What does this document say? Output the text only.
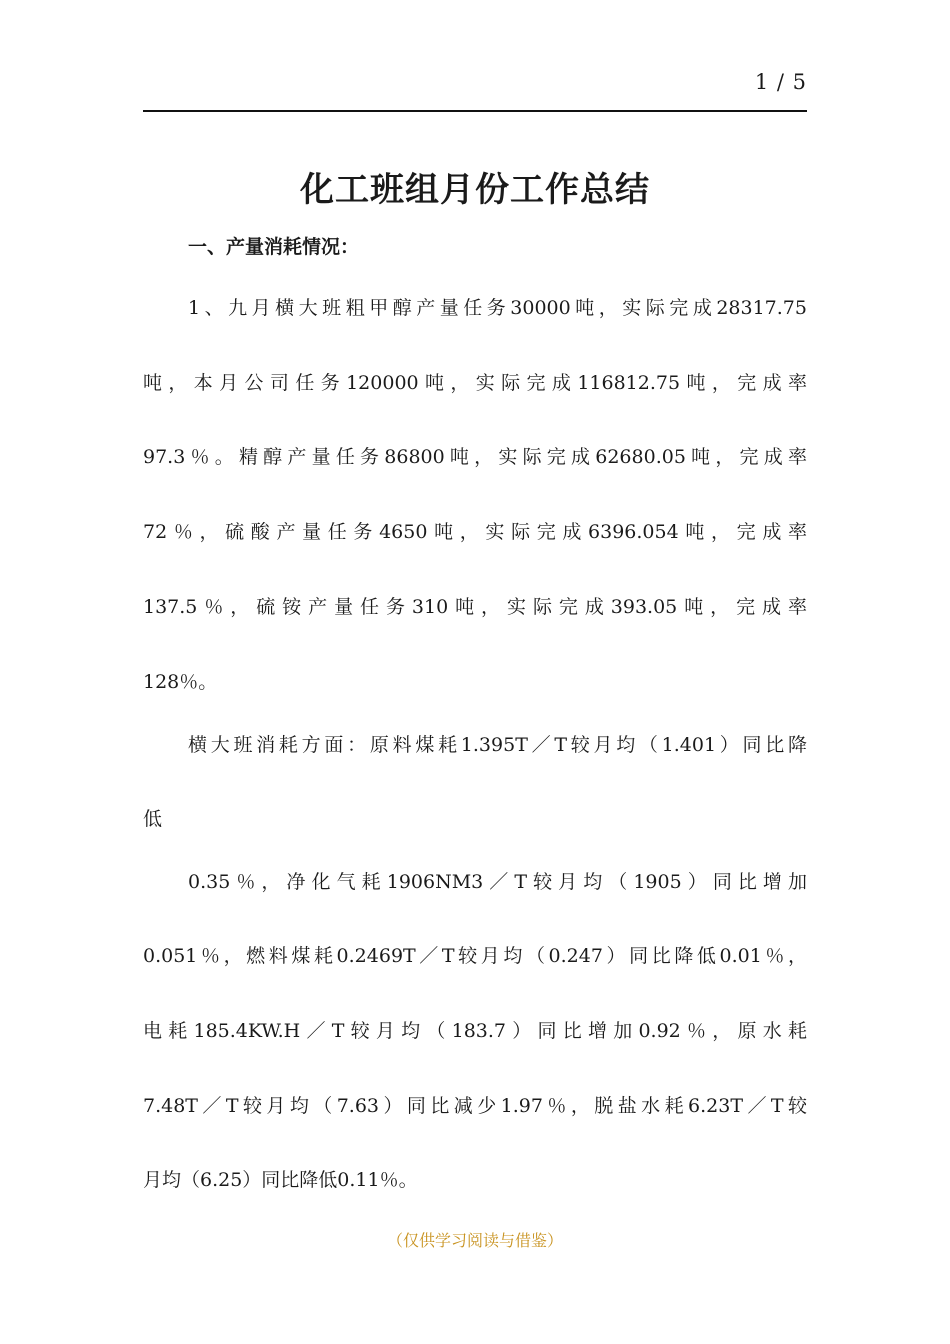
1 / 5
化工班组月份工作总结
一、产量消耗情况：
1、九月横大班粗甲醇产量任务30000吨，实际完成28317.75
吨，本月公司任务120000吨，实际完成116812.75吨，完成率
97.3％。精醇产量任务86800吨，实际完成62680.05吨，完成率
72％，硫酸产量任务4650吨，实际完成6396.054吨，完成率
137.5％，硫铵产量任务310吨，实际完成393.05吨，完成率
128％。
横大班消耗方面：原料煤耗1.395T／T较月均（1.401）同比降
低
0.35％，净化气耗1906NM3／T较月均（1905）同比增加
0.051％，燃料煤耗0.2469T／T较月均（0.247）同比降低0.01％，
电耗185.4KW.H／T较月均（183.7）同比增加0.92％，原水耗
7.48T／T较月均（7.63）同比减少1.97％，脱盐水耗6.23T／T较
月均（6.25）同比降低0.11％。
（仅供学习阅读与借鉴）
